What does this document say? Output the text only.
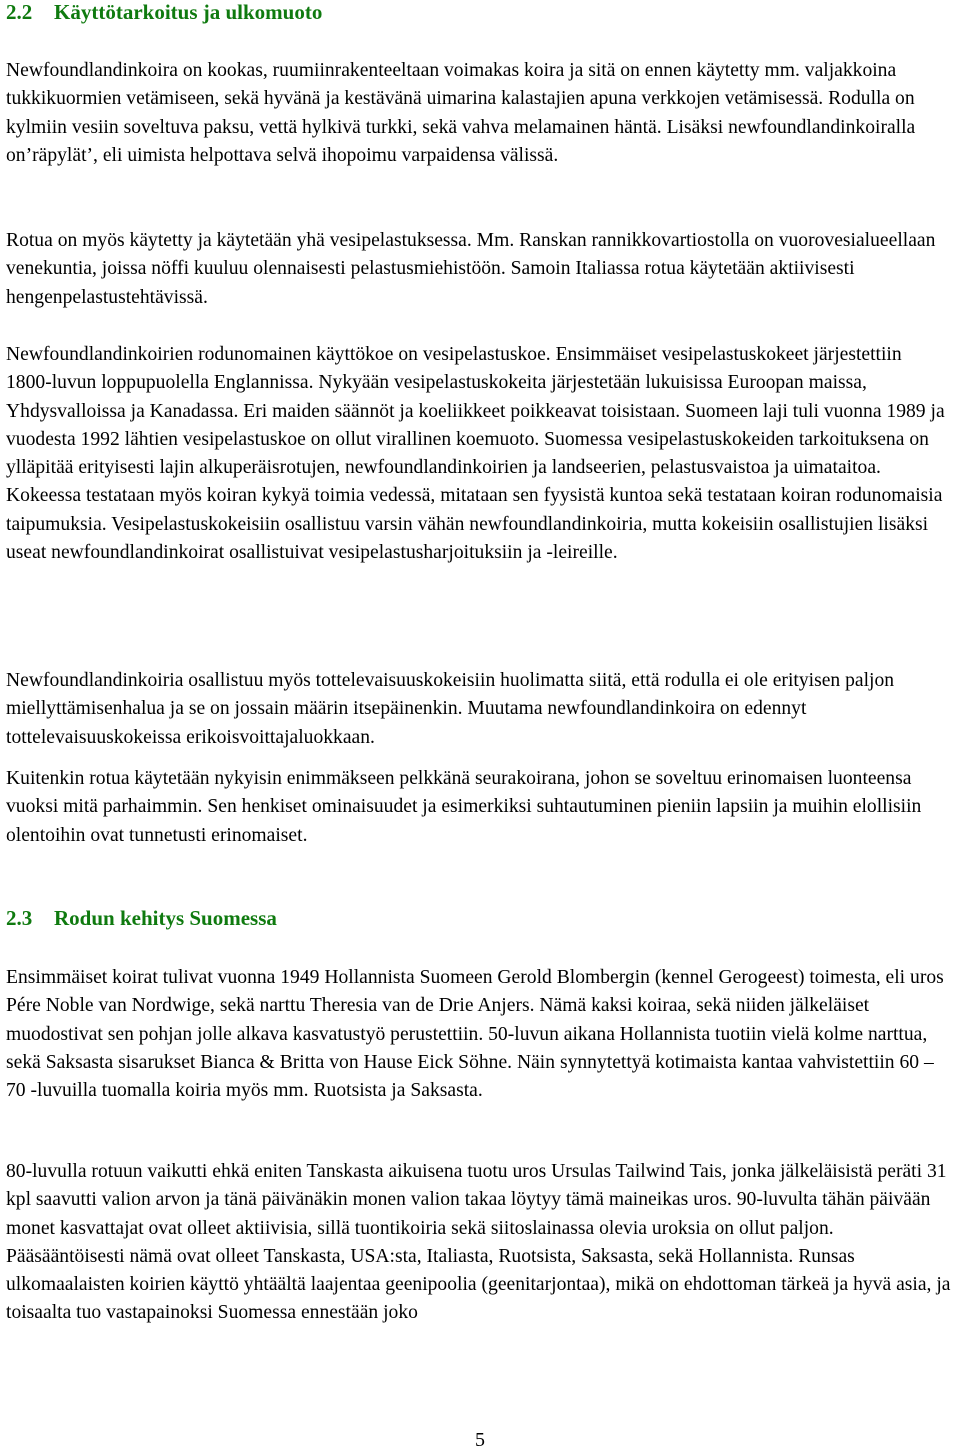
2.2	Käyttötarkoitus ja ulkomuoto

Newfoundlandinkoira on kookas, ruumiinrakenteeltaan voimakas koira ja sitä on ennen käytetty mm. valjakkoina tukkikuormien vetämiseen, sekä hyvänä ja kestävänä uimarina kalastajien apuna verkkojen vetämisessä. Rodulla on kylmiin vesiin soveltuva paksu, vettä hylkivä turkki, sekä vahva melamainen häntä. Lisäksi newfoundlandinkoiralla on’räpylät’, eli uimista helpottava selvä ihopoimu varpaidensa välissä.

Rotua on myös käytetty ja käytetään yhä vesipelastuksessa. Mm. Ranskan rannikkovartiostolla on vuorovesialueellaan venekuntia, joissa nöffi kuuluu olennaisesti pelastusmiehistöön. Samoin Italiassa rotua käytetään aktiivisesti hengenpelastustehtävissä.

Newfoundlandinkoirien rodunomainen käyttökoe on vesipelastuskoe. Ensimmäiset vesipelastuskokeet järjestettiin 1800-luvun loppupuolella Englannissa. Nykyään vesipelastuskokeita järjestetään lukuisissa Euroopan maissa, Yhdysvalloissa ja Kanadassa. Eri maiden säännöt ja koeliikkeet poikkeavat toisistaan. Suomeen laji tuli vuonna 1989 ja vuodesta 1992 lähtien vesipelastuskoe on ollut virallinen koemuoto. Suomessa vesipelastuskokeiden tarkoituksena on ylläpitää erityisesti lajin alkuperäisrotujen, newfoundlandinkoirien ja landseerien, pelastusvaistoa ja uimataitoa. Kokeessa testataan myös koiran kykyä toimia vedessä, mitataan sen fyysistä kuntoa sekä testataan koiran rodunomaisia taipumuksia. Vesipelastuskokeisiin osallistuu varsin vähän newfoundlandinkoiria, mutta kokeisiin osallistujien lisäksi useat newfoundlandinkoirat osallistuivat vesipelastusharjoituksiin ja -leireille.

Newfoundlandinkoiria osallistuu myös tottelevaisuuskokeisiin huolimatta siitä, että rodulla ei ole erityisen paljon miellyttämisenhalua ja se on jossain määrin itsepäinenkin. Muutama newfoundlandinkoira on edennyt tottelevaisuuskokeissa erikoisvoittajaluokkaan.

Kuitenkin rotua käytetään nykyisin enimmäkseen pelkkänä seurakoirana, johon se soveltuu erinomaisen luonteensa vuoksi mitä parhaimmin. Sen henkiset ominaisuudet ja esimerkiksi suhtautuminen pieniin lapsiin ja muihin elollisiin olentoihin ovat tunnetusti erinomaiset.

2.3	Rodun kehitys Suomessa

Ensimmäiset koirat tulivat vuonna 1949 Hollannista Suomeen Gerold Blombergin (kennel Gerogeest) toimesta, eli uros Pére Noble van Nordwige, sekä narttu Theresia van de Drie Anjers. Nämä kaksi koiraa, sekä niiden jälkeläiset muodostivat sen pohjan jolle alkava kasvatustyö perustettiin. 50-luvun aikana Hollannista tuotiin vielä kolme narttua, sekä Saksasta sisarukset Bianca & Britta von Hause Eick Söhne. Näin synnytettyä kotimaista kantaa vahvistettiin 60 – 70 -luvuilla tuomalla koiria myös mm. Ruotsista ja Saksasta.

80-luvulla rotuun vaikutti ehkä eniten Tanskasta aikuisena tuotu uros Ursulas Tailwind Tais, jonka jälkeläisistä peräti 31 kpl saavutti valion arvon ja tänä päivänäkin monen valion takaa löytyy tämä maineikas uros. 90-luvulta tähän päivään monet kasvattajat ovat olleet aktiivisia, sillä tuontikoiria sekä siitoslainassa olevia uroksia on ollut paljon. Pääsääntöisesti nämä ovat olleet Tanskasta, USA:sta, Italiasta, Ruotsista, Saksasta, sekä Hollannista. Runsas ulkomaalaisten koirien käyttö yhtäältä laajentaa geenipoolia (geenitarjontaa), mikä on ehdottoman tärkeä ja hyvä asia, ja toisaalta tuo vastapainoksi Suomessa ennestään joko

5
